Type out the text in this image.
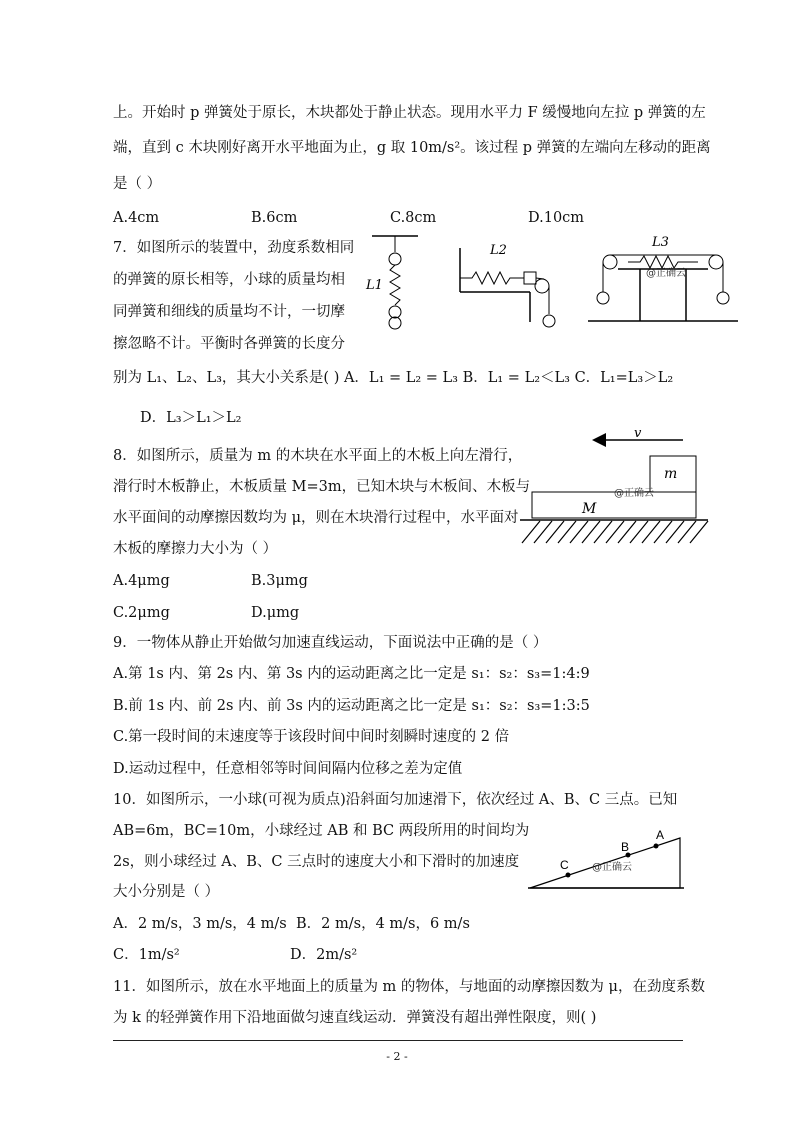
上。开始时 p 弹簧处于原长，木块都处于静止状态。现用水平力 F 缓慢地向左拉 p 弹簧的左
端，直到 c 木块刚好离开水平地面为止，g 取 10m/s²。该过程 p 弹簧的左端向左移动的距离
是（ ）
A.4cm	B.6cm	C.8cm	D.10cm
7．如图所示的装置中，劲度系数相同
的弹簧的原长相等，小球的质量均相
同弹簧和细线的质量均不计，一切摩
擦忽略不计。平衡时各弹簧的长度分
别为 L₁、L₂、L₃，其大小关系是( ) A．L₁ = L₂ = L₃ B．L₁ = L₂＜L₃ C．L₁=L₃＞L₂
D．L₃＞L₁＞L₂
L1
L2
L3
@正确云
8．如图所示，质量为 m 的木块在水平面上的木板上向左滑行，
滑行时木板静止，木板质量 M=3m，已知木块与木板间、木板与
水平面间的动摩擦因数均为 μ，则在木块滑行过程中，水平面对
木板的摩擦力大小为（ ）
A.4μmg	B.3μmg
C.2μmg	D.μmg
v
m
M
@正确云
9．一物体从静止开始做匀加速直线运动，下面说法中正确的是（ ）
A.第 1s 内、第 2s 内、第 3s 内的运动距离之比一定是 s₁：s₂：s₃=1:4:9
B.前 1s 内、前 2s 内、前 3s 内的运动距离之比一定是 s₁：s₂：s₃=1:3:5
C.第一段时间的末速度等于该段时间中间时刻瞬时速度的 2 倍
D.运动过程中，任意相邻等时间间隔内位移之差为定值
10．如图所示，一小球(可视为质点)沿斜面匀加速滑下，依次经过 A、B、C 三点。已知
AB=6m，BC=10m，小球经过 AB 和 BC 两段所用的时间均为
2s，则小球经过 A、B、C 三点时的速度大小和下滑时的加速度
大小分别是（ ）
A．2 m/s，3 m/s，4 m/s B．2 m/s，4 m/s，6 m/s
C．1m/s²	D．2m/s²
A
B
C @正确云
11．如图所示，放在水平地面上的质量为 m 的物体，与地面的动摩擦因数为 μ，在劲度系数
为 k 的轻弹簧作用下沿地面做匀速直线运动．弹簧没有超出弹性限度，则( )
- 2 -
